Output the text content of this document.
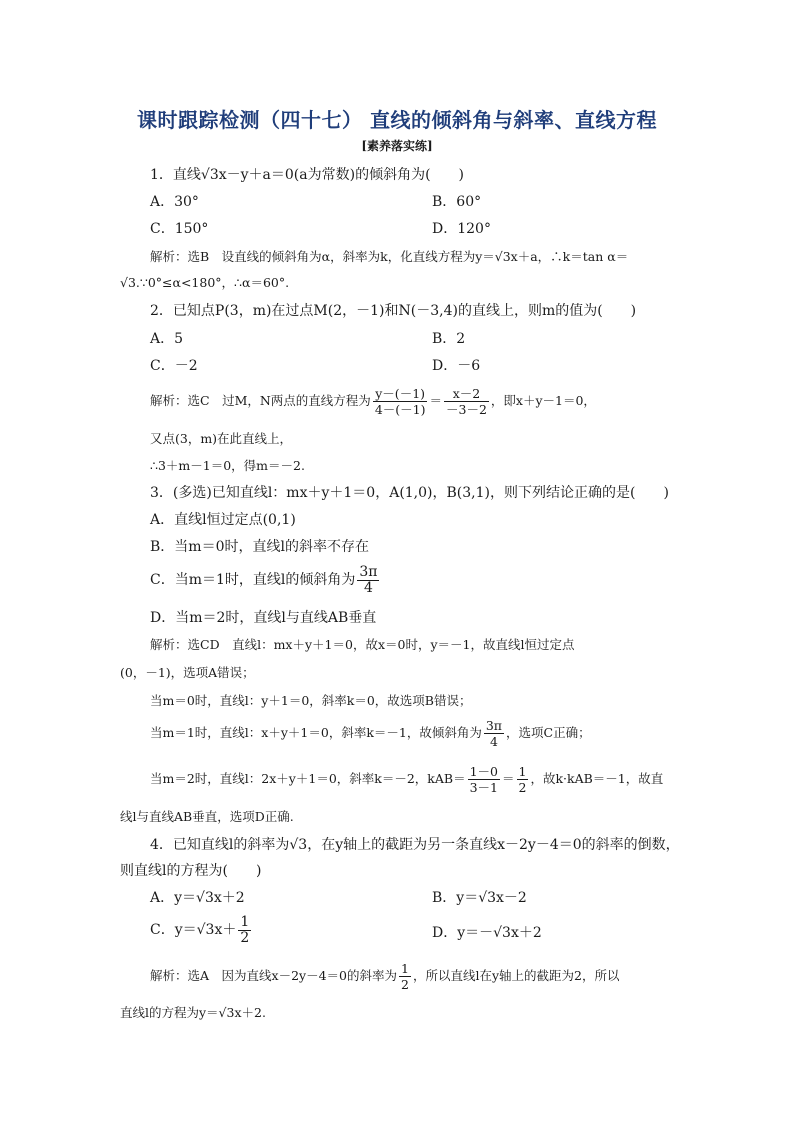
课时跟踪检测（四十七） 直线的倾斜角与斜率、直线方程
[素养落实练]
1．直线√3x－y＋a＝0(a为常数)的倾斜角为(　　)
A．30°	B．60°
C．150°	D．120°
解析：选B　设直线的倾斜角为α，斜率为k，化直线方程为y＝√3x＋a，∴k＝tan α＝
√3.∵0°≤α<180°，∴α＝60°.
2．已知点P(3，m)在过点M(2，－1)和N(－3,4)的直线上，则m的值为(　　)
A．5	B．2
C．－2	D．－6
解析：选C　过M，N两点的直线方程为 $\frac{y-(-1)}{4-(-1)} = \frac{x-2}{-3-2}$ ，即x＋y－1＝0，
又点(3，m)在此直线上，
∴3＋m－1＝0，得m＝－2.
3．(多选)已知直线l：mx＋y＋1＝0，A(1,0)，B(3,1)，则下列结论正确的是(　　)
A．直线l恒过定点(0,1)
B．当m＝0时，直线l的斜率不存在
C．当m＝1时，直线l的倾斜角为 $\frac{3\pi}{4}$
D．当m＝2时，直线l与直线AB垂直
解析：选CD　直线l：mx＋y＋1＝0，故x＝0时，y＝－1，故直线l恒过定点
(0，－1)，选项A错误；
当m＝0时，直线l：y＋1＝0，斜率k＝0，故选项B错误；
当m＝1时，直线l：x＋y＋1＝0，斜率k＝－1，故倾斜角为 $\frac{3\pi}{4}$ ，选项C正确；
当m＝2时，直线l：2x＋y＋1＝0，斜率k＝－2，$kAB= \frac{1-0}{3-1} = \frac{1}{2}$ ，故k·kAB＝－1，故直
线l与直线AB垂直，选项D正确.
4．已知直线l的斜率为√3，在y轴上的截距为另一条直线x－2y－4＝0的斜率的倒数，
则直线l的方程为(　　)
A．y＝√3x＋2	B．y＝√3x－2
C．$y=√3x+ \frac{1}{2}$	D．y＝－√3x＋2
解析：选A　因为直线x－2y－4＝0的斜率为 $\frac{1}{2}$ ，所以直线l在y轴上的截距为2，所以
直线l的方程为y＝√3x＋2.
